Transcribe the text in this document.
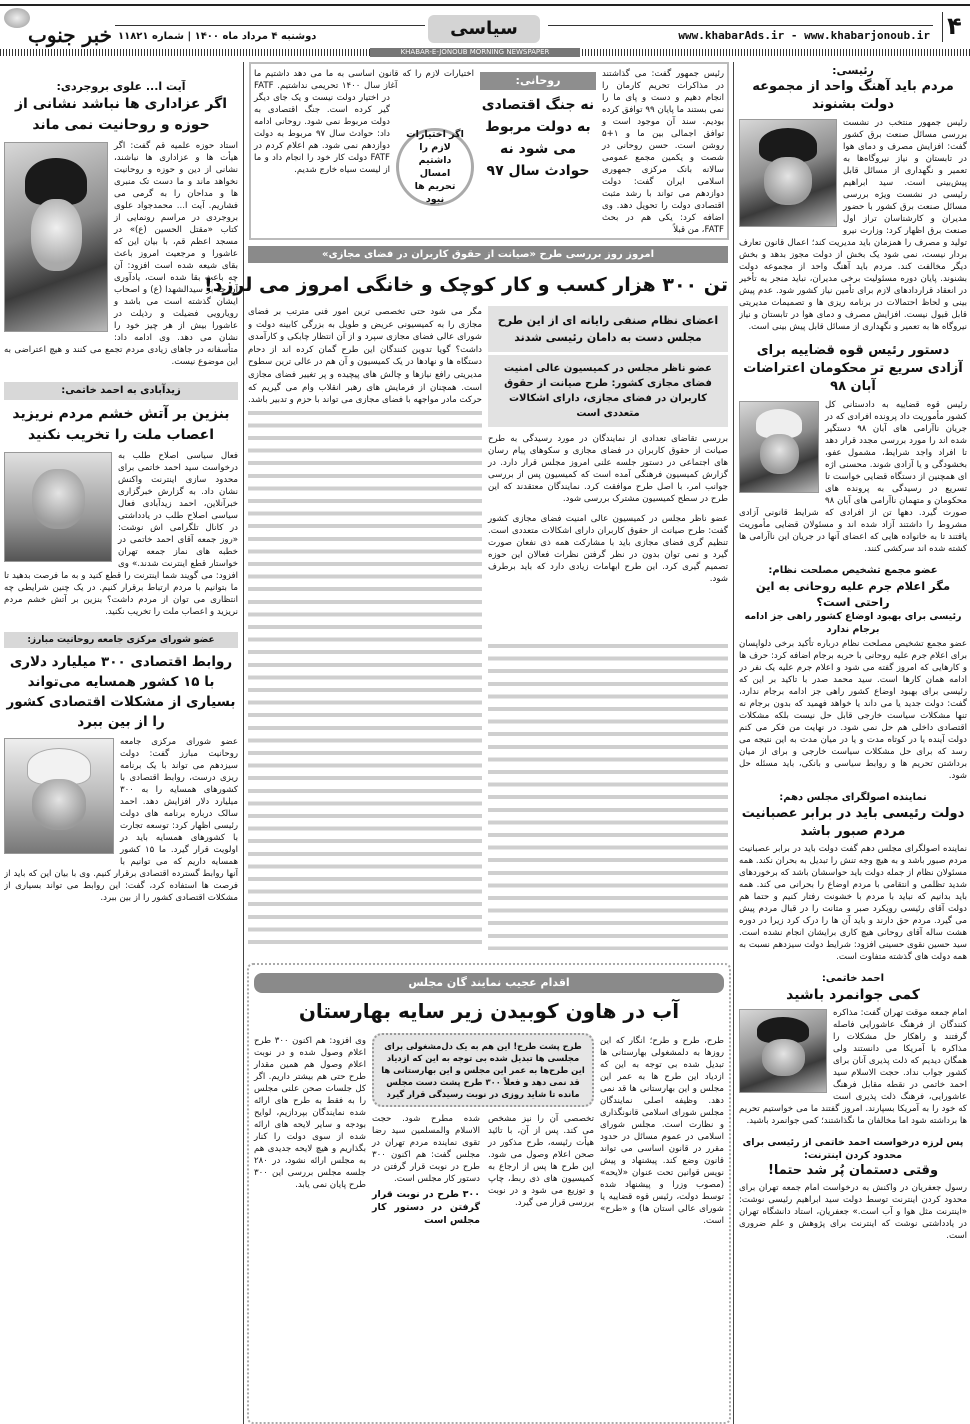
۴
www.khabarAds.ir - www.khabarjonoub.ir
سیاسی
دوشنبه ۴ مرداد ماه ۱۴۰۰ | شماره ۱۱۸۲۱
خبر جنوب
KHABAR-E-JONOUB MORNING NEWSPAPER
رئیسی:
مردم باید آهنگ واحد از مجموعه دولت بشنوند
رئیس جمهور منتخب در نشست بررسی مسائل صنعت برق کشور گفت: افزایش مصرف و دمای هوا در تابستان و نیاز نیروگاه‌ها به تعمیر و نگهداری از مسائل قابل پیش‌بینی است. سید ابراهیم رئیسی در نشست ویژه بررسی مسائل صنعت برق کشور با حضور مدیران و کارشناسان تراز اول صنعت برق اظهار کرد: وزارت نیرو تولید و مصرف را همزمان باید مدیریت کند؛ اعمال قانون تعارف بردار نیست، نمی شود یک بخش از دولت مجوز بدهد و بخش دیگر مخالفت کند. مردم باید آهنگ واحد از مجموعه دولت بشنوند. پایان دوره مسئولیت برخی مدیران، نباید منجر به تأخیر در انعقاد قراردادهای لازم برای تأمین نیاز کشور شود. عدم پیش بینی و لحاظ احتمالات در برنامه ریزی ها و تصمیمات مدیریتی قابل قبول نیست. افزایش مصرف و دمای هوا در تابستان و نیاز نیروگاه ها به تعمیر و نگهداری از مسائل قابل پیش بینی است.
دستور رئیس قوه قضاییه برای آزادی سریع تر محکومان اعتراضات آبان ۹۸
رئیس قوه قضاییه به دادستانی کل کشور مأموریت داد پرونده افرادی که در جریان ناآرامی های آبان ۹۸ دستگیر شده اند را مورد بررسی مجدد قرار دهد تا افراد واجد شرایط، مشمول عفو، بخشودگی و یا آزادی شوند. محسنی اژه ای همچنین از دستگاه قضایی خواست تا تسریع در رسیدگی به پرونده های محکومان و متهمان ناآرامی های آبان ۹۸ صورت گیرد. دهها تن از افرادی که شرایط قانونی آزادی مشروط را داشتند آزاد شده اند و مسئولان قضایی مأموریت یافتند تا به خانواده هایی که اعضای آنها در جریان این ناآرامی ها کشته شده اند سرکشی کنند.
عضو مجمع تشخیص مصلحت نظام:
مگر اعلام جرم علیه روحانی به این راحتی است؟
رئیسی برای بهبود اوضاع کشور راهی جز ادامه برجام ندارد
عضو مجمع تشخیص مصلحت نظام درباره تأکید برخی دلواپسان برای اعلام جرم علیه روحانی با حربه برجام اضافه کرد: حرف ها و کارهایی که امروز گفته می شود و اعلام جرم علیه یک نفر در ادامه همان کارها است. سید محمد صدر با تاکید بر این که رئیسی برای بهبود اوضاع کشور راهی جز ادامه برجام ندارد، گفت: دولت جدید یا می داند یا خواهد فهمید که بدون برجام نه تنها مشکلات سیاست خارجی قابل حل نیست بلکه مشکلات اقتصادی داخلی هم حل نمی شود. در نهایت من فکر می کنم دولت آینده یا در کوتاه مدت و یا در میان مدت به این نتیجه می رسد که برای حل مشکلات سیاست خارجی و برای از میان برداشتن تحریم ها و روابط سیاسی و بانکی، باید مسئله حل شود.
نماینده اصولگرای مجلس دهم:
دولت رئیسی باید در برابر عصبانیت مردم صبور باشد
نماینده اصولگرای مجلس دهم گفت دولت باید در برابر عصبانیت مردم صبور باشد و به هیچ وجه تنش را تبدیل به بحران نکند. همه مسئولان نظام از جمله دولت باید حواسشان باشد که برخوردهای شدید تظلمی و انتقامی با مردم اوضاع را بحرانی می کند. همه باید بدانیم که نباید با مردم با خشونت رفتار کنیم و حتما هم دولت آقای رئیسی رویکرد صبر و متانت را در قبال مردم پیش می گیرد. مردم حق دارند و باید آن ها را درک کرد زیرا در دوره هشت ساله آقای روحانی هیچ کاری برایشان انجام نشده است. سید حسین نقوی حسینی افزود: شرایط دولت سیزدهم نسبت به همه دولت های گذشته متفاوت است.
احمد خاتمی:
کمی جوانمرد باشید
امام جمعه موقت تهران گفت: مذاکره کنندگان از فرهنگ عاشورایی فاصله گرفتند و راهکار حل مشکلات را مذاکره با آمریکا می دانستند ولی همگان دیدیم که ذلت پذیری آنان برای کشور جواب نداد. حجت الاسلام سید احمد خاتمی در نقطه مقابل فرهنگ عاشورایی، فرهنگ ذلت پذیری است که خود را به آمریکا بسپارند. امروز گفتند ما می خواستیم تحریم ها برداشته شود اما مخالفان ما نگذاشتند؛ کمی جوانمرد باشید.
پس لرزه درخواست احمد خاتمی از رئیسی برای محدود کردن اینترنت:
وقتی دستمان پُر شد حتما!
رسول جعفریان در واکنش به درخواست امام جمعه تهران برای محدود کردن اینترنت توسط دولت سید ابراهیم رئیسی نوشت: «اینترنت مثل هوا و آب است.» جعفریان، استاد دانشگاه تهران در یادداشتی نوشت که اینترنت برای پژوهش و علم ضروری است.
رئیس جمهور گفت: می گذاشتند در مذاکرات تحریم کارمان را انجام دهیم و دست و پای ما را نمی بستند ما پایان ۹۹ توافق کرده بودیم. سند آن موجود است و توافق اجمالی بین ما و ۱+۵ روشن است. حسن روحانی در شصت و یکمین مجمع عمومی سالانه بانک مرکزی جمهوری اسلامی ایران گفت: دولت دوازدهم می تواند با رشد مثبت اقتصادی دولت را تحویل دهد. وی اضافه کرد: یکی هم در بحث FATF، من قبلاً
روحانی:
نه جنگ اقتصادی به دولت مربوط می شود نه حوادث سال ۹۷
اگر اختیارات لازم را داشتیم امسال تحریم ها نبود
اختیارات لازم را که قانون اساسی به ما می دهد داشتیم ما آغاز سال ۱۴۰۰ تحریمی نداشتیم. FATF در اختیار دولت نیست و یک جای دیگر گیر کرده است. جنگ اقتصادی به دولت مربوط نمی شود. روحانی ادامه داد: حوادث سال ۹۷ مربوط به دولت دوازدهم نمی شود. هم اعلام کردم در FATF دولت کار خود را انجام داد و ما از لیست سیاه خارج شدیم.
امروز روز بررسی طرح «صیانت از حقوق کاربران در فضای مجازی»
تن ۳۰۰ هزار کسب و کار کوچک و خانگی امروز می لرزد!
اعضای نظام صنفی رایانه ای از این طرح مجلس دست به دامان رئیسی شدند
عضو ناظر مجلس در کمیسیون عالی امنیت فضای مجازی کشور: طرح صیانت از حقوق کاربران در فضای مجازی، دارای اشکالات متعددی است
بررسی تقاضای تعدادی از نمایندگان در مورد رسیدگی به طرح صیانت از حقوق کاربران در فضای مجازی و سکوهای پیام رسان های اجتماعی در دستور جلسه علنی امروز مجلس قرار دارد. در گزارش کمیسیون فرهنگی آمده است که کمیسیون پس از بررسی جوانب امر، با اصل طرح موافقت کرد. نمایندگان معتقدند که این طرح در سطح کمیسیون مشترک بررسی شود.
عضو ناظر مجلس در کمیسیون عالی امنیت فضای مجازی کشور گفت: طرح صیانت از حقوق کاربران دارای اشکالات متعددی است. تنظیم گری فضای مجازی باید با مشارکت همه ذی نفعان صورت گیرد و نمی توان بدون در نظر گرفتن نظرات فعالان این حوزه تصمیم گیری کرد. این طرح ابهامات زیادی دارد که باید برطرف شود.

مگر می شود حتی تخصصی ترین امور فنی مترتب بر فضای مجازی را به کمیسیونی عریض و طویل به بزرگی کابینه دولت و شورای عالی فضای مجازی سپرد و از آن انتظار چابکی و کارآمدی داشت؟ گویا تدوین کنندگان این طرح گمان کرده اند از دحام دستگاه ها و نهادها در یک کمیسیون و آن هم در عالی ترین سطوح مدیریتی رافع نیازها و چالش های پیچیده و پر تغییر فضای مجازی است. همچنان از فرمایش های رهبر انقلاب وام می گیریم که حرکت مادر مواجهه با فضای مجازی می تواند با حزم و تدبیر باشد.

اقدام عجیب نمایند گان مجلس
آب در هاون کوبیدن زیر سایه بهارستان
طرح، طرح و طرح؛ انگار که این روزها به دلمشغولی بهارستانی ها تبدیل شده بی توجه به این که ازدیاد این طرح ها به عمر این مجلس و این بهارستانی ها قد نمی دهد. وظیفه اصلی نمایندگان مجلس شورای اسلامی قانونگذاری و نظارت است. مجلس شورای اسلامی در عموم مسائل در حدود مقرر در قانون اساسی می تواند قانون وضع کند. پیشنهاد و پیش نویس قوانین تحت عنوان «لایحه» (مصوب وزرا و پیشنهاد شده توسط دولت، رئیس قوه قضاییه یا شورای عالی استان ها) و «طرح» است.
طرح پشت طرح! این هم به یک دل‌مشغولی برای مجلسی ها تبدیل شده بی توجه به این که ازدیاد این طرح‌ها به عمر این مجلس و این بهارستانی ها قد نمی دهد و فعلاً ۳۰۰ طرح پشت دست مجلس مانده تا شاید روزی در نوبت رسیدگی قرار گیرد
تخصصی آن را نیز مشخص می کند. پس از آن، با تائید هیأت رئیسه، طرح مذکور در صحن اعلام وصول می شود. این طرح ها پس از ارجاع به کمیسیون های ذی ربط، چاپ و توزیع می شود و در نوبت بررسی قرار می گیرد.
شده مطرح شود. حجت الاسلام والمسلمین سید رضا تقوی نماینده مردم تهران در مجلس گفت: هم اکنون ۳۰۰ طرح در نوبت قرار گرفتن در دستور کار مجلس است.
۳۰۰ طرح در نوبت قرار گرفتن در دستور کار مجلس است
وی افزود: هم اکنون ۳۰۰ طرح اعلام وصول شده و در نوبت اعلام وصول هم همین مقدار طرح حتی هم بیشتر داریم. اگر کل جلسات صحن علنی مجلس را به فقط به طرح های ارائه شده نمایندگان بپردازیم، لوایح بودجه و سایر لایحه های ارائه شده از سوی دولت را کنار بگذاریم و هیچ لایحه جدیدی هم به مجلس ارائه نشود، در ۲۸۰ جلسه مجلس بررسی این ۳۰۰ طرح پایان نمی یابد.
آیت ا... علوی بروجردی:
اگر عزاداری ها نباشد نشانی از حوزه و روحانیت نمی ماند
استاد حوزه علمیه قم گفت: اگر هیأت ها و عزاداری ها نباشند، نشانی از دین و حوزه و روحانیت نخواهد ماند و ما دست تک منبری ها و مداحان را به گرمی می فشاریم. آیت ا... محمدجواد علوی بروجردی در مراسم رونمایی از کتاب «مقتل الحسین (ع)» در مسجد اعظم قم، با بیان این که عاشورا و مرجعیت امروز باعث بقای شیعه شده است افزود: آن چه باعث بقا شده است، یادآوری آن چه بر سیدالشهدا (ع) و اصحاب ایشان گذشته است می باشد و رویارویی فضیلت و رذیلت در عاشورا بیش از هر چیز خود را نشان می دهد. وی ادامه داد: متأسفانه در جاهای زیادی مردم تجمع می کنند و هیچ اعتراضی به این موضوع نیست.
زیدآبادی به احمد خاتمی:
بنزین بر آتش خشم مردم نریزید اعصاب ملت را تخریب نکنید
فعال سیاسی اصلاح طلب به درخواست سید احمد خاتمی برای محدود سازی اینترنت واکنش نشان داد. به گزارش خبرگزاری خبرآنلاین، احمد زیدآبادی فعال سیاسی اصلاح طلب در یادداشتی در کانال تلگرامی اش نوشت: «روز جمعه آقای احمد خاتمی در خطبه های نماز جمعه تهران خواستار قطع اینترنت شدند.» وی افزود: می گویند شما اینترنت را قطع کنید و به ما فرصت بدهید تا ما بتوانیم با مردم ارتباط برقرار کنیم. در یک چنین شرایطی چه انتظاری می توان از مردم داشت؟ بنزین بر آتش خشم مردم نریزید و اعصاب ملت را تخریب نکنید.
عضو شورای مرکزی جامعه روحانیت مبارز:
روابط اقتصادی ۳۰۰ میلیارد دلاری با ۱۵ کشور همسایه می‌تواند بسیاری از مشکلات اقتصادی کشور را از بین ببرد
عضو شورای مرکزی جامعه روحانیت مبارز گفت: دولت سیزدهم می تواند با یک برنامه ریزی درست، روابط اقتصادی با کشورهای همسایه را به ۳۰۰ میلیارد دلار افزایش دهد. احمد سالک درباره برنامه های دولت رئیسی اظهار کرد: توسعه تجارت با کشورهای همسایه باید در اولویت قرار گیرد. ما ۱۵ کشور همسایه داریم که می توانیم با آنها روابط گسترده اقتصادی برقرار کنیم. وی با بیان این که باید از فرصت ها استفاده کرد، گفت: این روابط می تواند بسیاری از مشکلات اقتصادی کشور را از بین ببرد.
